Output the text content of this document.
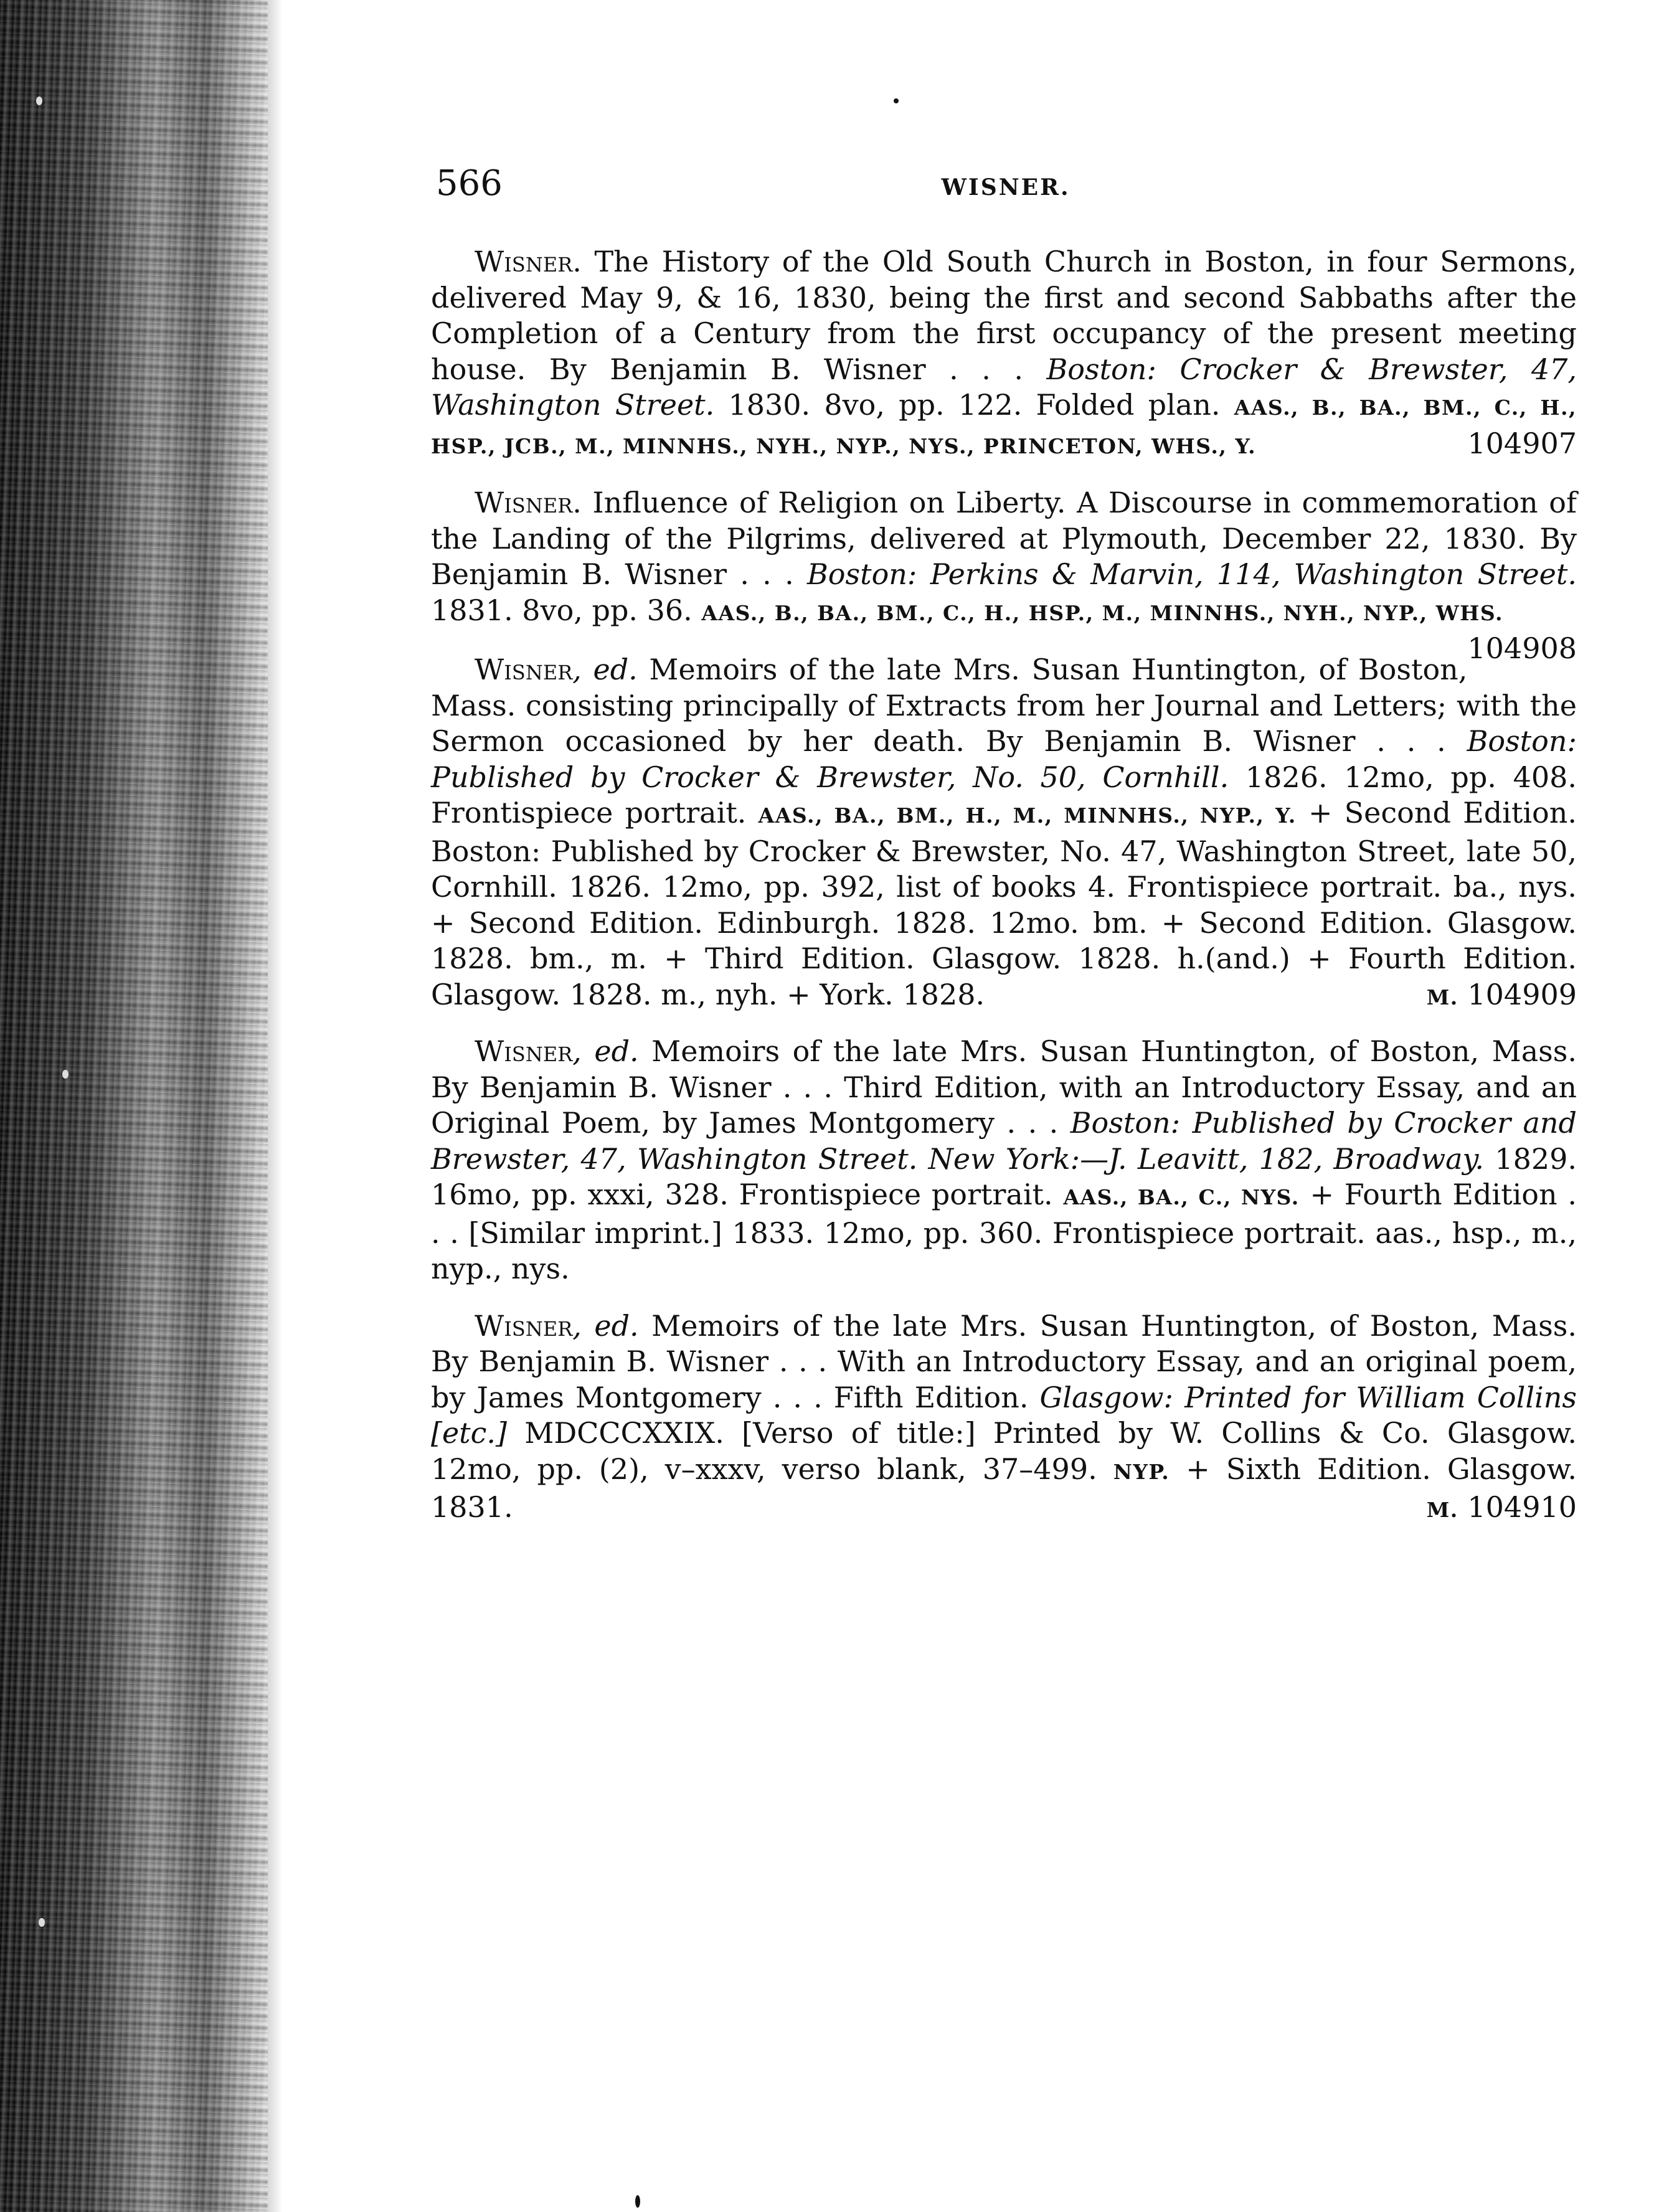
566	WISNER.

Wisner. The History of the Old South Church in Boston, in four Sermons, delivered May 9, & 16, 1830, being the first and second Sabbaths after the Completion of a Century from the first occupancy of the present meeting house. By Benjamin B. Wisner . . . Boston: Crocker & Brewster, 47, Washington Street. 1830. 8vo, pp. 122. Folded plan. AAS., B., BA., BM., C., H., HSP., JCB., M., MINNHS., NYH., NYP., NYS., PRINCETON, WHS., Y.	104907

Wisner. Influence of Religion on Liberty. A Discourse in commemoration of the Landing of the Pilgrims, delivered at Plymouth, December 22, 1830. By Benjamin B. Wisner . . . Boston: Perkins & Marvin, 114, Washington Street. 1831. 8vo, pp. 36. AAS., B., BA., BM., C., H., HSP., M., MINNHS., NYH., NYP., WHS.
104908

Wisner, ed. Memoirs of the late Mrs. Susan Huntington, of Boston, Mass. consisting principally of Extracts from her Journal and Letters; with the Sermon occasioned by her death. By Benjamin B. Wisner . . . Boston: Published by Crocker & Brewster, No. 50, Cornhill. 1826. 12mo, pp. 408. Frontispiece portrait. AAS., BA., BM., H., M., MINNHS., NYP., Y. + Second Edition. Boston: Published by Crocker & Brewster, No. 47, Washington Street, late 50, Cornhill. 1826. 12mo, pp. 392, list of books 4. Frontispiece portrait. ba., nys. + Second Edition. Edinburgh. 1828. 12mo. bm. + Second Edition. Glasgow. 1828. bm., m. + Third Edition. Glasgow. 1828. h.(and.) + Fourth Edition. Glasgow. 1828. m., nyh. + York. 1828.	M. 104909

Wisner, ed. Memoirs of the late Mrs. Susan Huntington, of Boston, Mass. By Benjamin B. Wisner . . . Third Edition, with an Introductory Essay, and an Original Poem, by James Montgomery . . . Boston: Published by Crocker and Brewster, 47, Washington Street. New York:—J. Leavitt, 182, Broadway. 1829. 16mo, pp. xxxi, 328. Frontispiece portrait. AAS., BA., C., NYS. + Fourth Edition . . . [Similar imprint.] 1833. 12mo, pp. 360. Frontispiece portrait. aas., hsp., m., nyp., nys.

Wisner, ed. Memoirs of the late Mrs. Susan Huntington, of Boston, Mass. By Benjamin B. Wisner . . . With an Introductory Essay, and an original poem, by James Montgomery . . . Fifth Edition. Glasgow: Printed for William Collins [etc.] MDCCCXXIX. [Verso of title:] Printed by W. Collins & Co. Glasgow. 12mo, pp. (2), v–xxxv, verso blank, 37–499. NYP. + Sixth Edition. Glasgow. 1831.	M. 104910
